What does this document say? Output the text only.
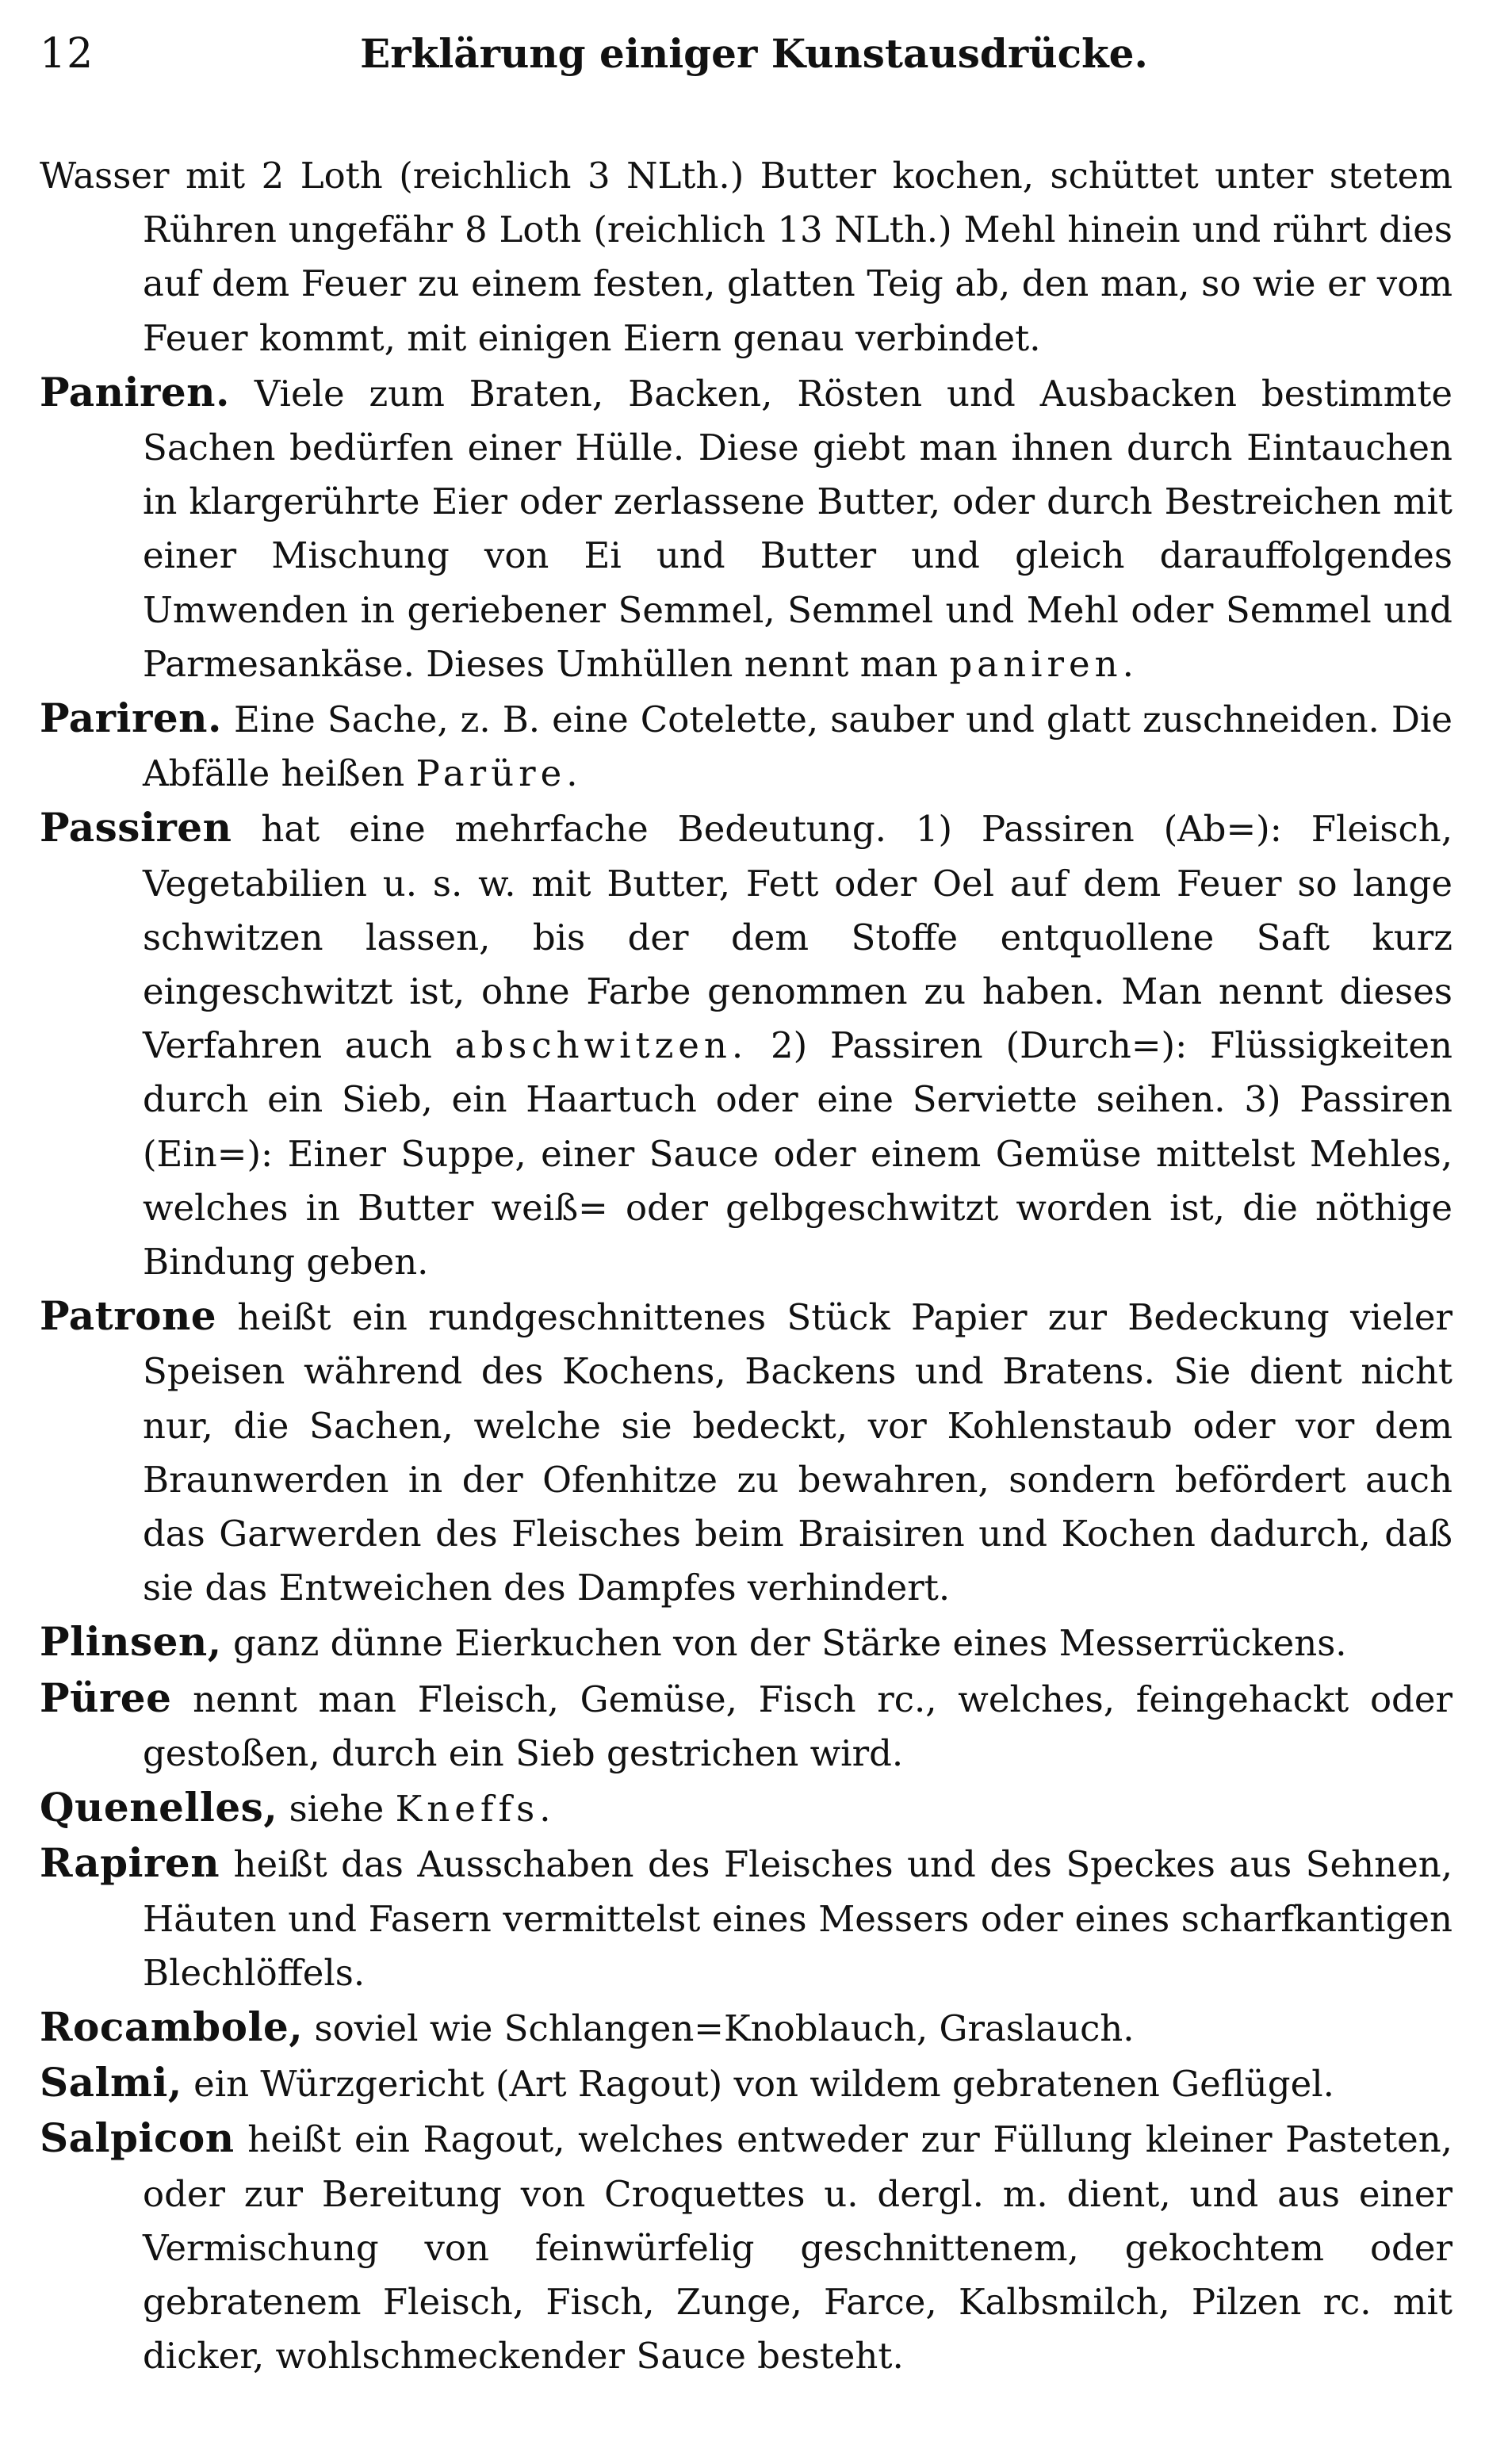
12	Erklärung einiger Kunstausdrücke.

Wasser mit 2 Loth (reichlich 3 NLth.) Butter kochen, schüttet unter stetem Rühren ungefähr 8 Loth (reichlich 13 NLth.) Mehl hinein und rührt dies auf dem Feuer zu einem festen, glatten Teig ab, den man, so wie er vom Feuer kommt, mit einigen Eiern genau verbindet.

Paniren. Viele zum Braten, Backen, Rösten und Ausbacken bestimmte Sachen bedürfen einer Hülle. Diese giebt man ihnen durch Eintauchen in klargerührte Eier oder zerlassene Butter, oder durch Bestreichen mit einer Mischung von Ei und Butter und gleich darauffolgendes Umwenden in geriebener Semmel, Semmel und Mehl oder Semmel und Parmesankäse. Dieses Umhüllen nennt man paniren.

Pariren. Eine Sache, z. B. eine Cotelette, sauber und glatt zuschneiden. Die Abfälle heißen Parüre.

Passiren hat eine mehrfache Bedeutung. 1) Passiren (Ab=): Fleisch, Vegetabilien u. s. w. mit Butter, Fett oder Oel auf dem Feuer so lange schwitzen lassen, bis der dem Stoffe entquollene Saft kurz eingeschwitzt ist, ohne Farbe genommen zu haben. Man nennt dieses Verfahren auch abschwitzen. 2) Passiren (Durch=): Flüssigkeiten durch ein Sieb, ein Haartuch oder eine Serviette seihen. 3) Passiren (Ein=): Einer Suppe, einer Sauce oder einem Gemüse mittelst Mehles, welches in Butter weiß= oder gelbgeschwitzt worden ist, die nöthige Bindung geben.

Patrone heißt ein rundgeschnittenes Stück Papier zur Bedeckung vieler Speisen während des Kochens, Backens und Bratens. Sie dient nicht nur, die Sachen, welche sie bedeckt, vor Kohlenstaub oder vor dem Braunwerden in der Ofenhitze zu bewahren, sondern befördert auch das Garwerden des Fleisches beim Braisiren und Kochen dadurch, daß sie das Entweichen des Dampfes verhindert.

Plinsen, ganz dünne Eierkuchen von der Stärke eines Messerrückens.

Püree nennt man Fleisch, Gemüse, Fisch rc., welches, feingehackt oder gestoßen, durch ein Sieb gestrichen wird.

Quenelles, siehe Kneffs.

Rapiren heißt das Ausschaben des Fleisches und des Speckes aus Sehnen, Häuten und Fasern vermittelst eines Messers oder eines scharfkantigen Blechlöffels.

Rocambole, soviel wie Schlangen=Knoblauch, Graslauch.

Salmi, ein Würzgericht (Art Ragout) von wildem gebratenen Geflügel.

Salpicon heißt ein Ragout, welches entweder zur Füllung kleiner Pasteten, oder zur Bereitung von Croquettes u. dergl. m. dient, und aus einer Vermischung von feinwürfelig geschnittenem, gekochtem oder gebratenem Fleisch, Fisch, Zunge, Farce, Kalbsmilch, Pilzen rc. mit dicker, wohlschmeckender Sauce besteht.
